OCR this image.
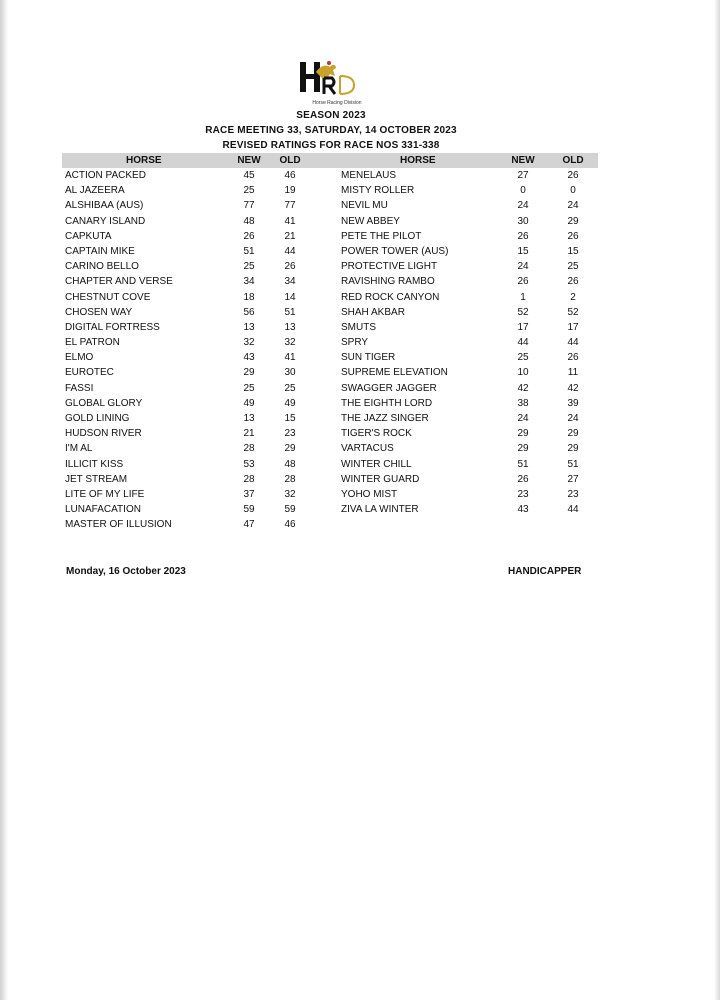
Horse Racing Division
SEASON 2023
RACE MEETING 33, SATURDAY, 14 OCTOBER 2023
REVISED RATINGS FOR RACE NOS 331-338
HORSE	NEW	OLD	HORSE	NEW	OLD
ACTION PACKED	45	46	MENELAUS	27	26
AL JAZEERA	25	19	MISTY ROLLER	0	0
ALSHIBAA (AUS)	77	77	NEVIL MU	24	24
CANARY ISLAND	48	41	NEW ABBEY	30	29
CAPKUTA	26	21	PETE THE PILOT	26	26
CAPTAIN MIKE	51	44	POWER TOWER (AUS)	15	15
CARINO BELLO	25	26	PROTECTIVE LIGHT	24	25
CHAPTER AND VERSE	34	34	RAVISHING RAMBO	26	26
CHESTNUT COVE	18	14	RED ROCK CANYON	1	2
CHOSEN WAY	56	51	SHAH AKBAR	52	52
DIGITAL FORTRESS	13	13	SMUTS	17	17
EL PATRON	32	32	SPRY	44	44
ELMO	43	41	SUN TIGER	25	26
EUROTEC	29	30	SUPREME ELEVATION	10	11
FASSI	25	25	SWAGGER JAGGER	42	42
GLOBAL GLORY	49	49	THE EIGHTH LORD	38	39
GOLD LINING	13	15	THE JAZZ SINGER	24	24
HUDSON RIVER	21	23	TIGER'S ROCK	29	29
I'M AL	28	29	VARTACUS	29	29
ILLICIT KISS	53	48	WINTER CHILL	51	51
JET STREAM	28	28	WINTER GUARD	26	27
LITE OF MY LIFE	37	32	YOHO MIST	23	23
LUNAFACATION	59	59	ZIVA LA WINTER	43	44
MASTER OF ILLUSION	47	46
Monday, 16 October 2023	HANDICAPPER
